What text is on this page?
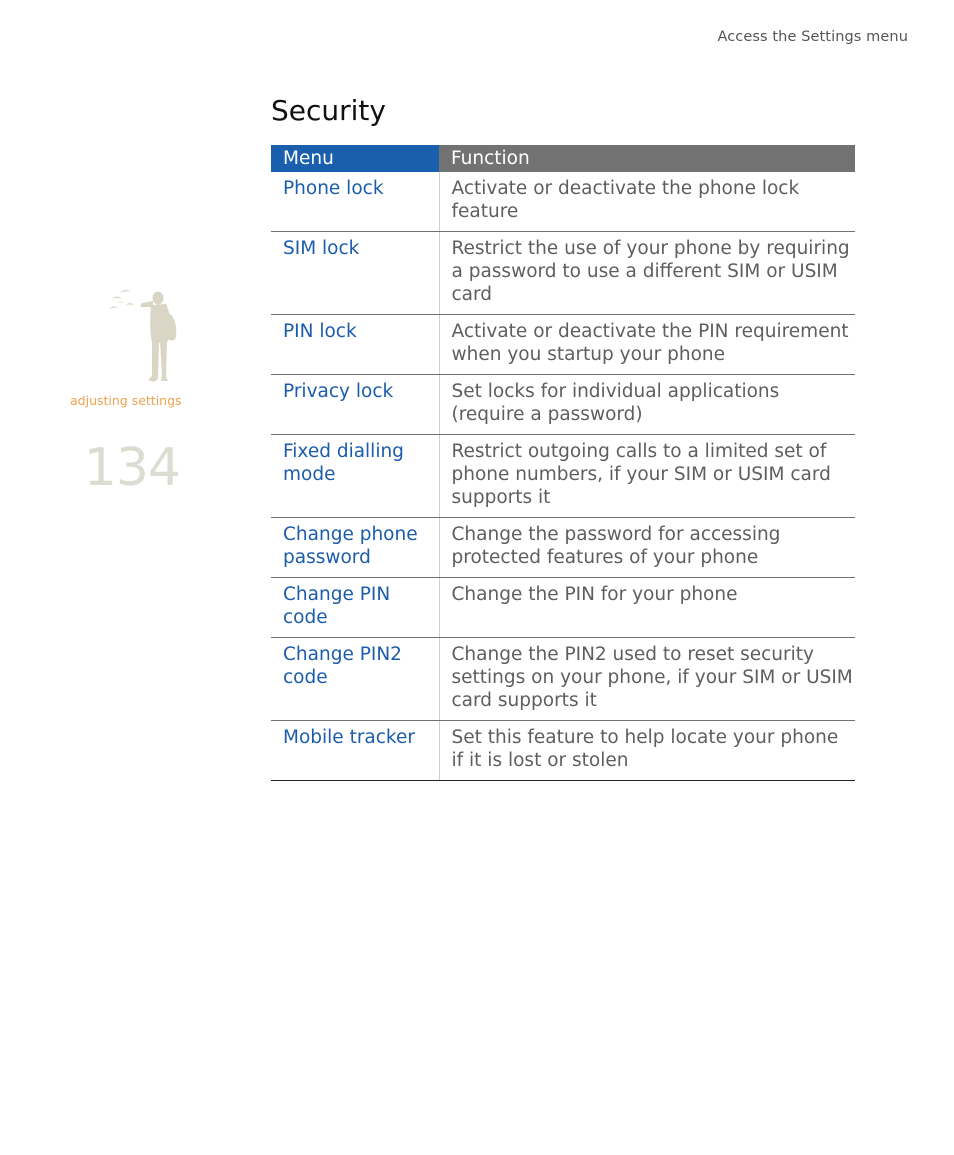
Access the Settings menu
Security
adjusting settings
134
Menu	Function
Phone lock	Activate or deactivate the phone lock feature
SIM lock	Restrict the use of your phone by requiring a password to use a different SIM or USIM card
PIN lock	Activate or deactivate the PIN requirement when you startup your phone
Privacy lock	Set locks for individual applications (require a password)
Fixed dialling mode	Restrict outgoing calls to a limited set of phone numbers, if your SIM or USIM card supports it
Change phone password	Change the password for accessing protected features of your phone
Change PIN code	Change the PIN for your phone
Change PIN2 code	Change the PIN2 used to reset security settings on your phone, if your SIM or USIM card supports it
Mobile tracker	Set this feature to help locate your phone if it is lost or stolen
